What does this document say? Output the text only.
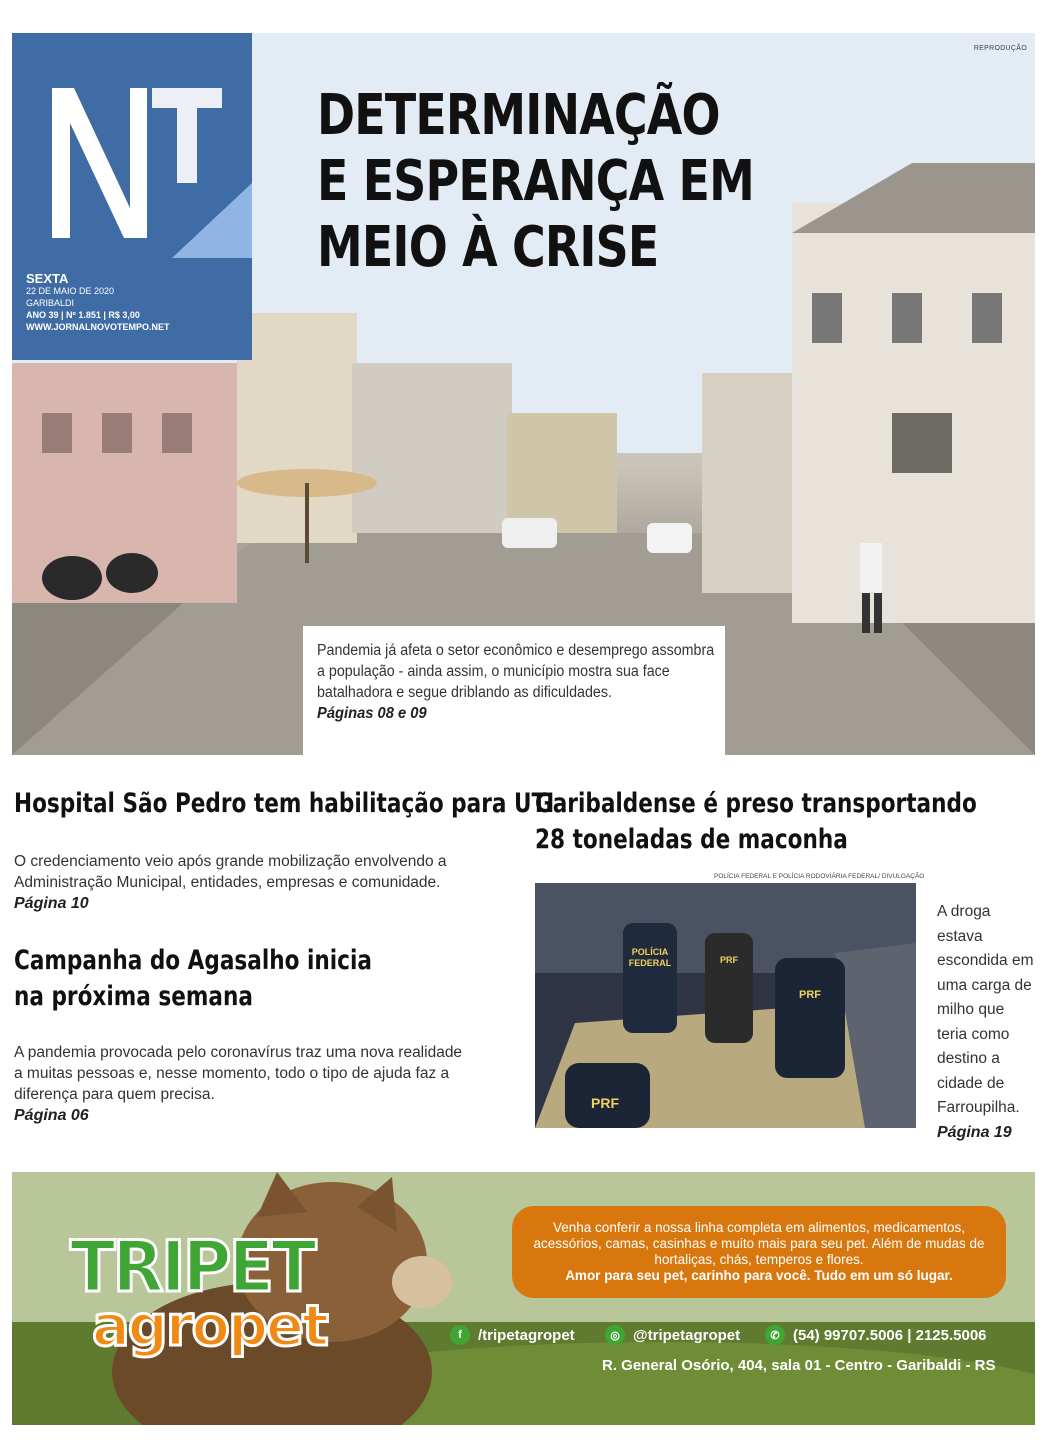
REPRODUÇÃO
SEXTA
22 DE MAIO DE 2020
GARIBALDI
ANO 39 | Nº 1.851 | R$ 3,00
WWW.JORNALNOVOTEMPO.NET
DETERMINAÇÃO
E ESPERANÇA EM
MEIO À CRISE

Pandemia já afeta o setor econômico e desemprego assombra a população - ainda assim, o município mostra sua face batalhadora e segue driblando as dificuldades.
Páginas 08 e 09

Hospital São Pedro tem habilitação para UTI
O credenciamento veio após grande mobilização envolvendo a Administração Municipal, entidades, empresas e comunidade.
Página 10
Campanha do Agasalho inicia
na próxima semana
A pandemia provocada pelo coronavírus traz uma nova realidade a muitas pessoas e, nesse momento, todo o tipo de ajuda faz a diferença para quem precisa.
Página 06
Garibaldense é preso transportando
28 toneladas de maconha
POLÍCIA FEDERAL E POLÍCIA RODOVIÁRIA FEDERAL/ DIVULGAÇÃO
POLÍCIA
FEDERAL	PRF
PRF
PRF
A droga estava escondida em uma carga de milho que teria como destino a cidade de Farroupilha.
Página 19
TRIPET
agropet
Venha conferir a nossa linha completa em alimentos, medicamentos, acessórios, camas, casinhas e muito mais para seu pet. Além de mudas de hortaliças, chás, temperos e flores.
Amor para seu pet, carinho para você. Tudo em um só lugar.
f	/tripetagropet	◎ @tripetagropet	✆ (54) 99707.5006 | 2125.5006
R. General Osório, 404, sala 01 - Centro - Garibaldi - RS
